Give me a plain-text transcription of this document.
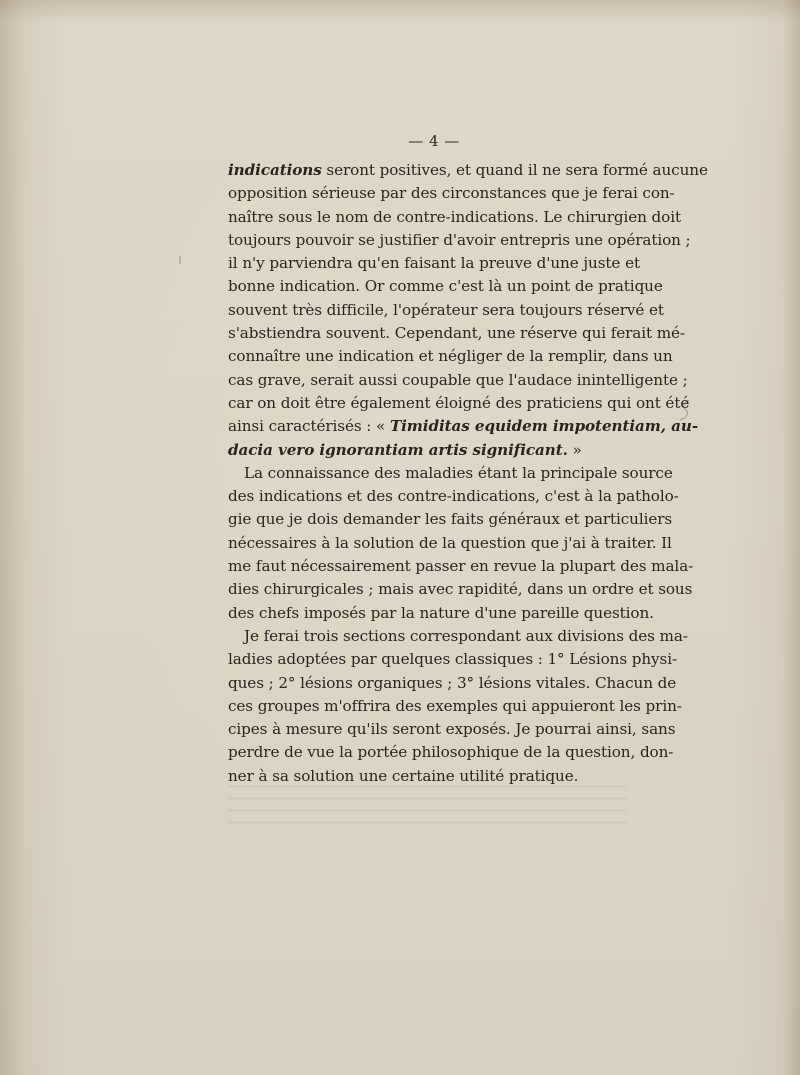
— 4 —
indications seront positives, et quand il ne sera formé aucune
opposition sérieuse par des circonstances que je ferai con-
naître sous le nom de contre-indications. Le chirurgien doit
toujours pouvoir se justifier d'avoir entrepris une opération ;
il n'y parviendra qu'en faisant la preuve d'une juste et
bonne indication. Or comme c'est là un point de pratique
souvent très difficile, l'opérateur sera toujours réservé et
s'abstiendra souvent. Cependant, une réserve qui ferait mé-
connaître une indication et négliger de la remplir, dans un
cas grave, serait aussi coupable que l'audace inintelligente ;
car on doit être également éloigné des praticiens qui ont été
ainsi caractérisés : « Timiditas equidem impotentiam, au-
dacia vero ignorantiam artis significant. »
La connaissance des maladies étant la principale source
des indications et des contre-indications, c'est à la patholo-
gie que je dois demander les faits généraux et particuliers
nécessaires à la solution de la question que j'ai à traiter. Il
me faut nécessairement passer en revue la plupart des mala-
dies chirurgicales ; mais avec rapidité, dans un ordre et sous
des chefs imposés par la nature d'une pareille question.
Je ferai trois sections correspondant aux divisions des ma-
ladies adoptées par quelques classiques : 1° Lésions physi-
ques ; 2° lésions organiques ; 3° lésions vitales. Chacun de
ces groupes m'offrira des exemples qui appuieront les prin-
cipes à mesure qu'ils seront exposés. Je pourrai ainsi, sans
perdre de vue la portée philosophique de la question, don-
ner à sa solution une certaine utilité pratique.
